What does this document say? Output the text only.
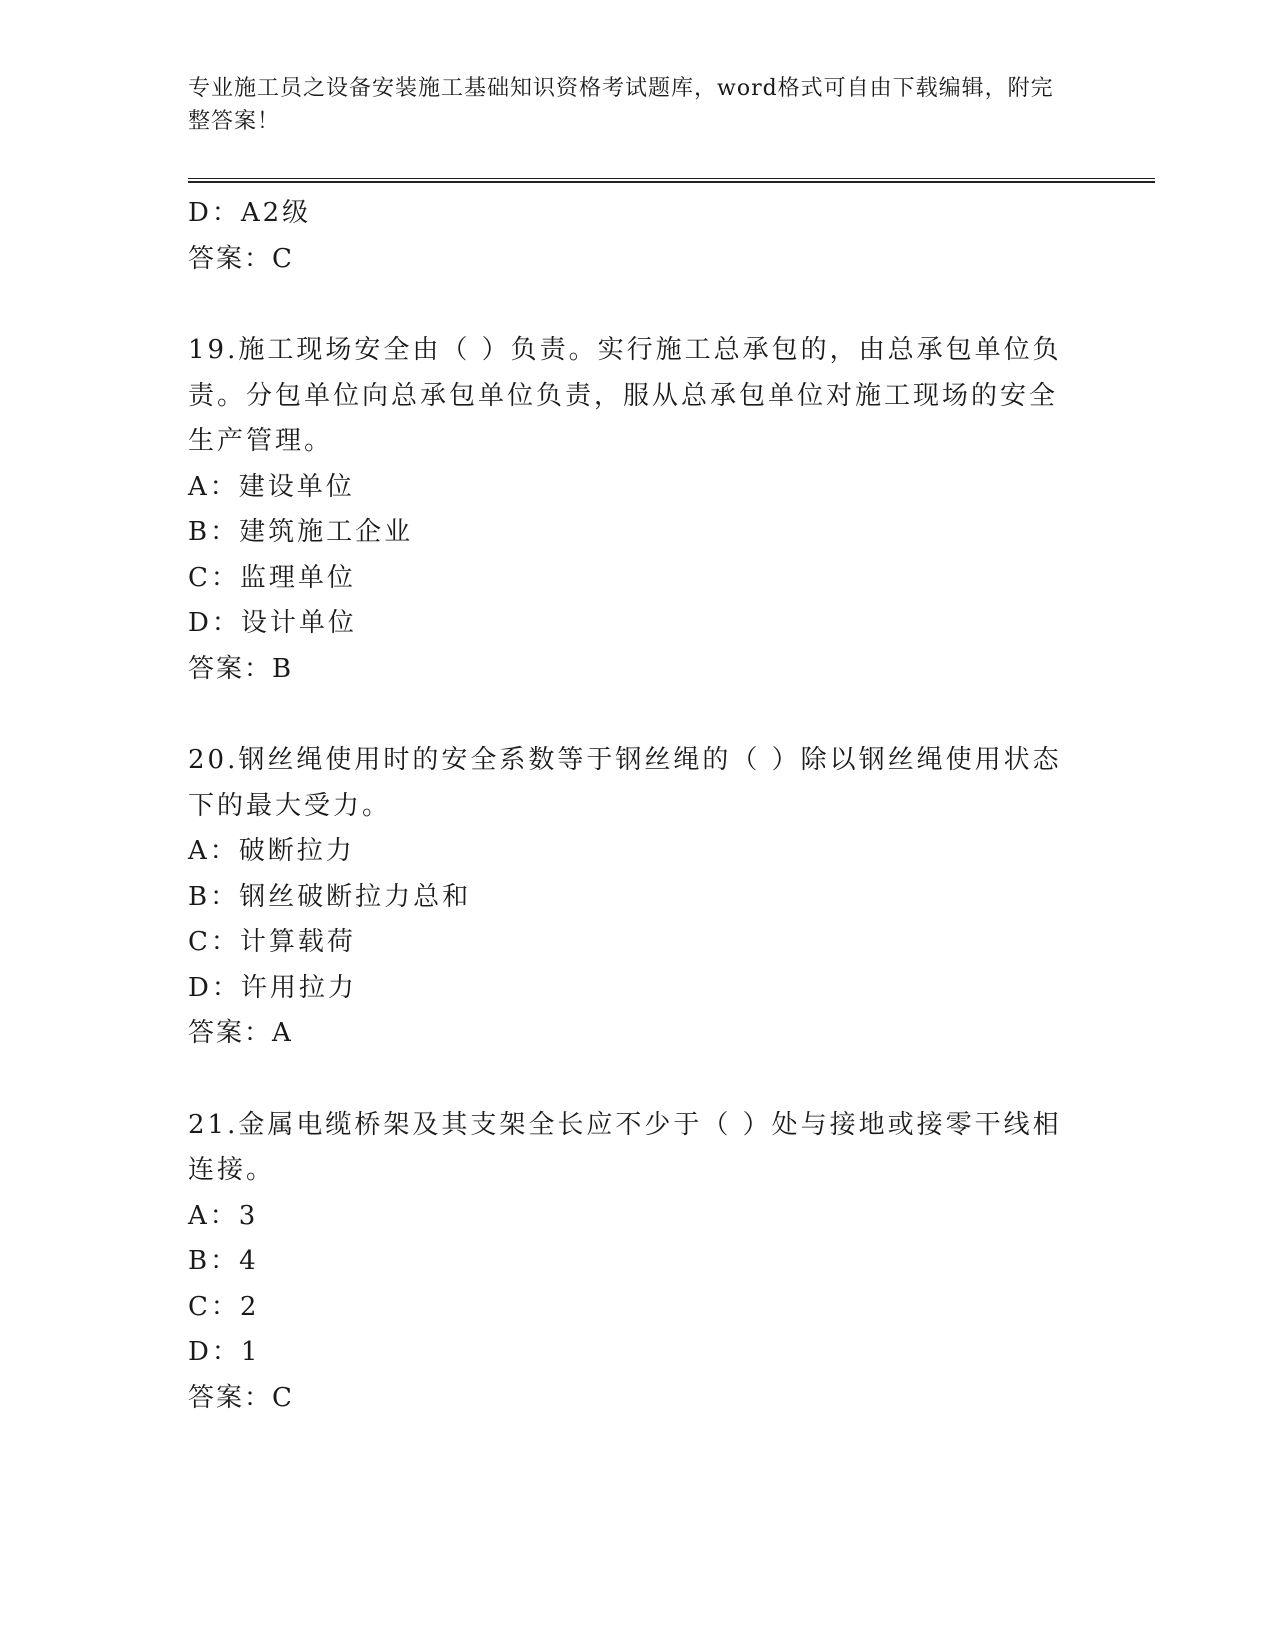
专业施工员之设备安装施工基础知识资格考试题库，word格式可自由下载编辑，附完整答案！
D：A2级
答案：C
19.施工现场安全由（ ）负责。实行施工总承包的，由总承包单位负责。分包单位向总承包单位负责，服从总承包单位对施工现场的安全生产管理。
A：建设单位
B：建筑施工企业
C：监理单位
D：设计单位
答案：B
20.钢丝绳使用时的安全系数等于钢丝绳的（ ）除以钢丝绳使用状态下的最大受力。
A：破断拉力
B：钢丝破断拉力总和
C：计算载荷
D：许用拉力
答案：A
21.金属电缆桥架及其支架全长应不少于（ ）处与接地或接零干线相连接。
A：3
B：4
C：2
D：1
答案：C
